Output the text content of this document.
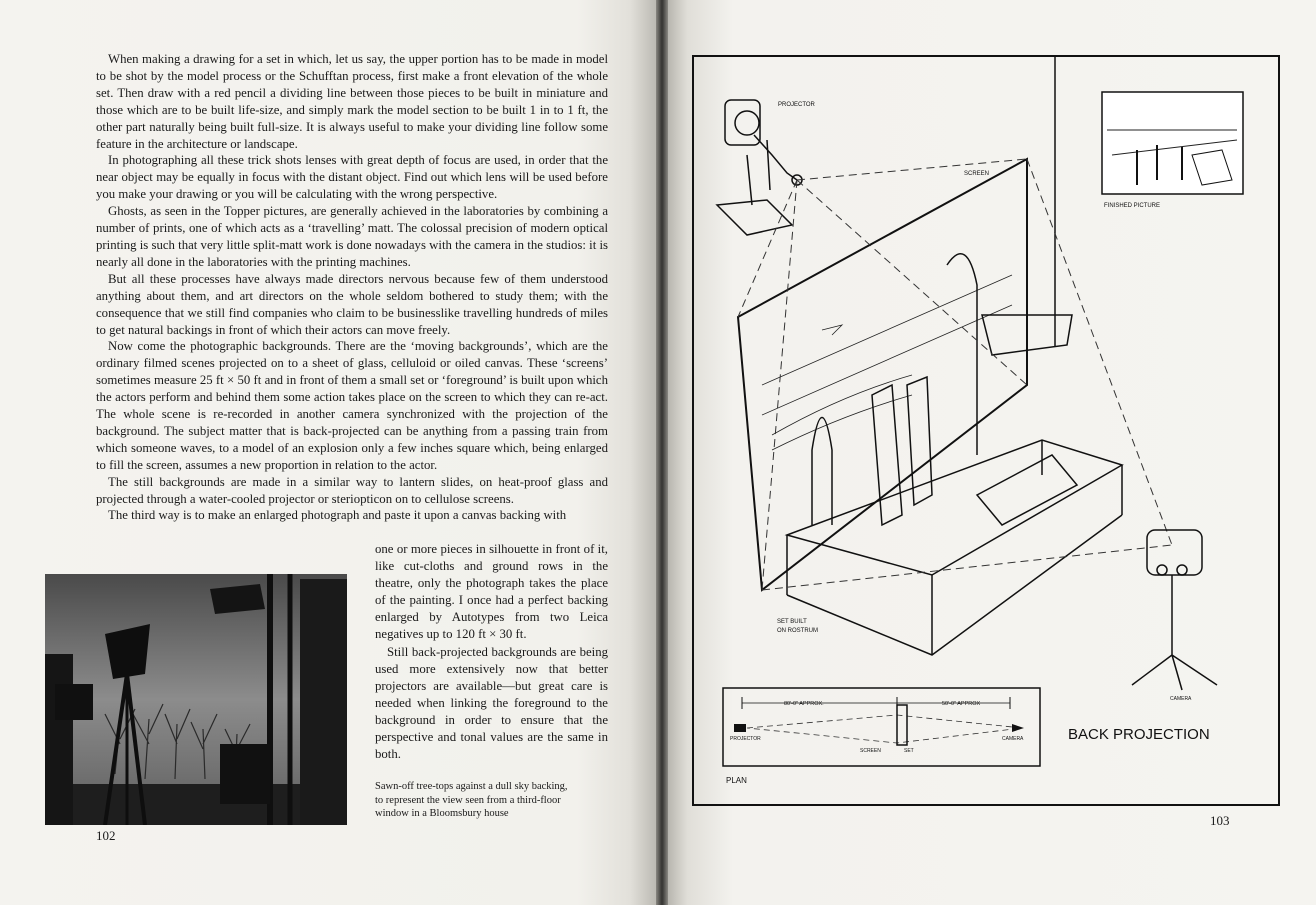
When making a drawing for a set in which, let us say, the upper portion has to be made in model to be shot by the model process or the Schufftan process, first make a front elevation of the whole set. Then draw with a red pencil a dividing line between those pieces to be built in miniature and those which are to be built life-size, and simply mark the model section to be built 1 in to 1 ft, the other part naturally being built full-size. It is always useful to make your dividing line follow some feature in the architecture or landscape.

In photographing all these trick shots lenses with great depth of focus are used, in order that the near object may be equally in focus with the distant object. Find out which lens will be used before you make your drawing or you will be calculating with the wrong perspective.

Ghosts, as seen in the Topper pictures, are generally achieved in the laboratories by combining a number of prints, one of which acts as a ‘travelling’ matt. The colossal precision of modern optical printing is such that very little split-matt work is done nowadays with the camera in the studios: it is nearly all done in the laboratories with the printing machines.

But all these processes have always made directors nervous because few of them understood anything about them, and art directors on the whole seldom bothered to study them; with the consequence that we still find companies who claim to be businesslike travelling hundreds of miles to get natural backings in front of which their actors can move freely.

Now come the photographic backgrounds. There are the ‘moving backgrounds’, which are the ordinary filmed scenes projected on to a sheet of glass, celluloid or oiled canvas. These ‘screens’ sometimes measure 25 ft × 50 ft and in front of them a small set or ‘foreground’ is built upon which the actors perform and behind them some action takes place on the screen to which they can re-act. The whole scene is re-recorded in another camera synchronized with the projection of the background. The subject matter that is back-projected can be anything from a passing train from which someone waves, to a model of an explosion only a few inches square which, being enlarged to fill the screen, assumes a new proportion in relation to the actor.

The still backgrounds are made in a similar way to lantern slides, on heat-proof glass and projected through a water-cooled projector or steriopticon on to cellulose screens.

The third way is to make an enlarged photograph and paste it upon a canvas backing with

one or more pieces in silhouette in front of it, like cut-cloths and ground rows in the theatre, only the photograph takes the place of the painting. I once had a perfect backing enlarged by Autotypes from two Leica negatives up to 120 ft × 30 ft.

Still back-projected backgrounds are being used more extensively now that better projectors are available—but great care is needed when linking the foreground to the background in order to ensure that the perspective and tonal values are the same in both.

Sawn-off tree-tops against a dull sky backing,
to represent the view seen from a third-floor
window in a Bloomsbury house
102
103
PROJECTOR
SCREEN
CAMERA
FINISHED PICTURE
SET BUILT
ON ROSTRUM
80'-0" APPROX.	50'-0" APPROX
PROJECTOR
SCREEN	SET
CAMERA
PLAN
BACK PROJECTION
